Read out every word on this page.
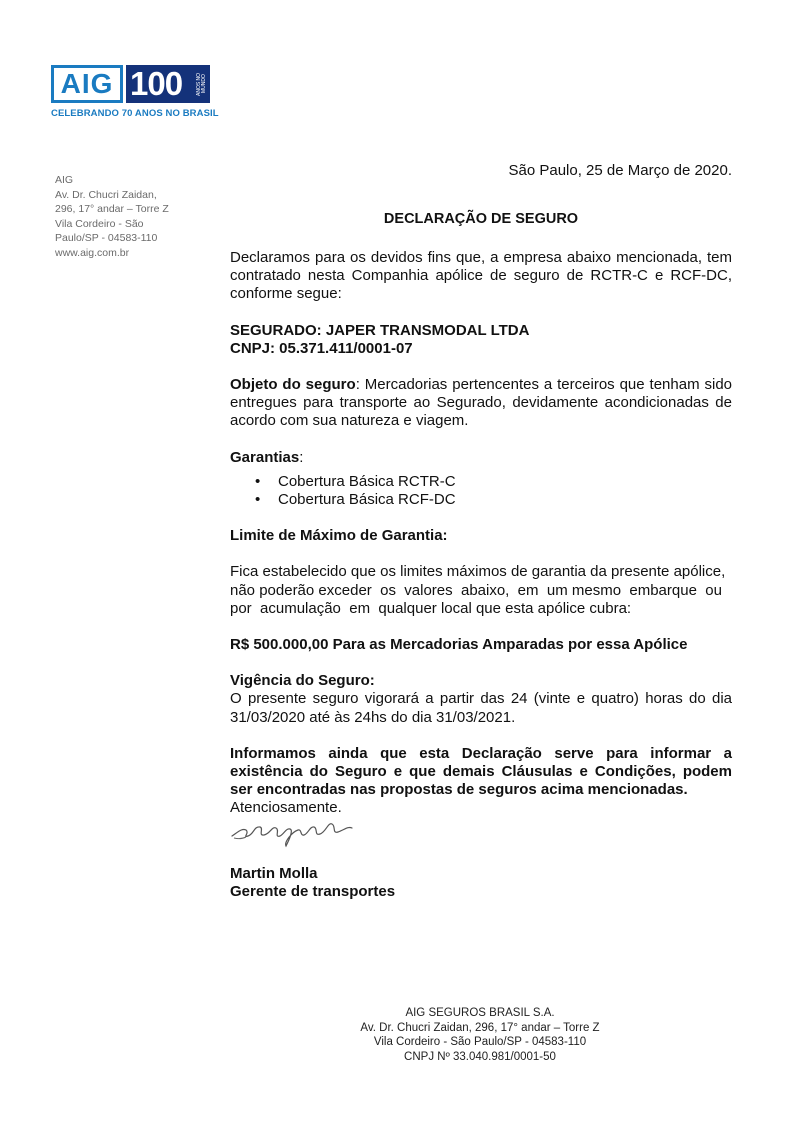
AIG 100	ANOS NO MUNDO
CELEBRANDO 70 ANOS NO BRASIL
AIG
Av. Dr. Chucri Zaidan,
296, 17° andar – Torre Z
Vila Cordeiro - São
Paulo/SP - 04583-110
www.aig.com.br
São Paulo, 25 de Março de 2020.
DECLARAÇÃO DE SEGURO

Declaramos para os devidos fins que, a empresa abaixo mencionada, tem contratado nesta Companhia apólice de seguro de RCTR-C e RCF-DC, conforme segue:

SEGURADO: JAPER TRANSMODAL LTDA

CNPJ: 05.371.411/0001-07

Objeto do seguro: Mercadorias pertencentes a terceiros que tenham sido entregues para transporte ao Segurado, devidamente acondicionadas de acordo com sua natureza e viagem.

Garantias:

• Cobertura Básica RCTR-C
• Cobertura Básica RCF-DC

Limite de Máximo de Garantia:

Fica estabelecido que os limites máximos de garantia da presente apólice,

não poderão exceder  os  valores  abaixo,  em  um mesmo  embarque  ou

por  acumulação  em  qualquer local que esta apólice cubra:

R$ 500.000,00 Para as Mercadorias Amparadas por essa Apólice

Vigência do Seguro:

O presente seguro vigorará a partir das 24 (vinte e quatro) horas do dia 31/03/2020 até às 24hs do dia 31/03/2021.

Informamos ainda que esta Declaração serve para informar a existência do Seguro e que demais Cláusulas e Condições, podem ser encontradas nas propostas de seguros acima mencionadas.

Atenciosamente.

Martin Molla

Gerente de transportes

AIG SEGUROS BRASIL S.A.
Av. Dr. Chucri Zaidan, 296, 17° andar – Torre Z
Vila Cordeiro - São Paulo/SP - 04583-110
CNPJ Nº 33.040.981/0001-50
